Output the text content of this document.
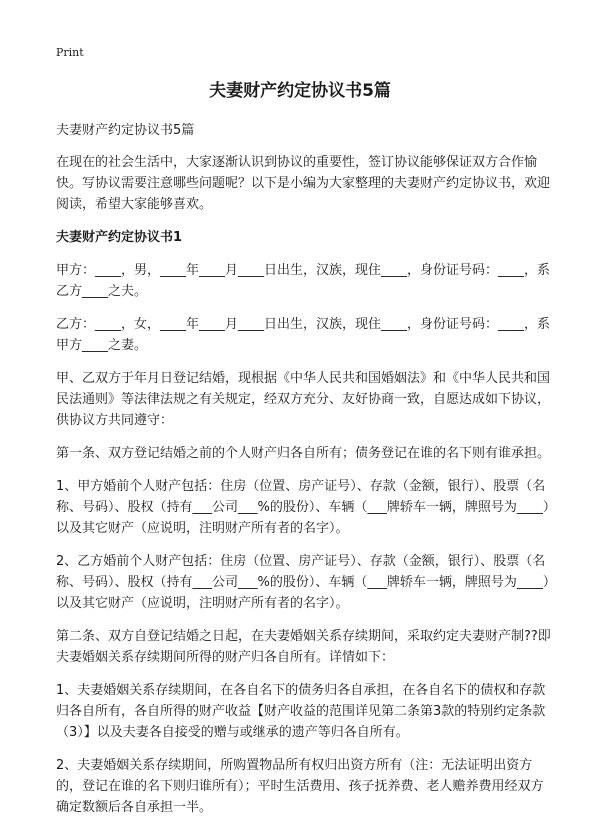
Print
夫妻财产约定协议书5篇

夫妻财产约定协议书5篇

在现在的社会生活中，大家逐渐认识到协议的重要性，签订协议能够保证双方合作愉快。写协议需要注意哪些问题呢？以下是小编为大家整理的夫妻财产约定协议书，欢迎阅读，希望大家能够喜欢。

夫妻财产约定协议书1

甲方：____，男，____年____月____日出生，汉族，现住____，身份证号码：____，系乙方____之夫。

乙方：____，女，____年____月____日出生，汉族，现住____，身份证号码：____，系甲方____之妻。

甲、乙双方于年月日登记结婚，现根据《中华人民共和国婚姻法》和《中华人民共和国民法通则》等法律法规之有关规定，经双方充分、友好协商一致，自愿达成如下协议，供协议方共同遵守：

第一条、双方登记结婚之前的个人财产归各自所有；债务登记在谁的名下则有谁承担。

1、甲方婚前个人财产包括：住房（位置、房产证号）、存款（金额，银行）、股票（名称、号码）、股权（持有___公司___%的股份）、车辆（___牌轿车一辆，牌照号为____）以及其它财产（应说明，注明财产所有者的名字）。

2、乙方婚前个人财产包括：住房（位置、房产证号）、存款（金额，银行）、股票（名称、号码）、股权（持有___公司___%的股份）、车辆（___牌轿车一辆，牌照号为____）以及其它财产（应说明，注明财产所有者的名字）。

第二条、双方自登记结婚之日起，在夫妻婚姻关系存续期间，采取约定夫妻财产制??即夫妻婚姻关系存续期间所得的财产归各自所有。详情如下：

1、夫妻婚姻关系存续期间，在各自名下的债务归各自承担，在各自名下的债权和存款归各自所有，各自所得的财产收益【财产收益的范围详见第二条第3款的特别约定条款（3）】以及夫妻各自接受的赠与或继承的遗产等归各自所有。

2、夫妻婚姻关系存续期间，所购置物品所有权归出资方所有（注：无法证明出资方的，登记在谁的名下则归谁所有）；平时生活费用、孩子抚养费、老人赡养费用经双方确定数额后各自承担一半。
